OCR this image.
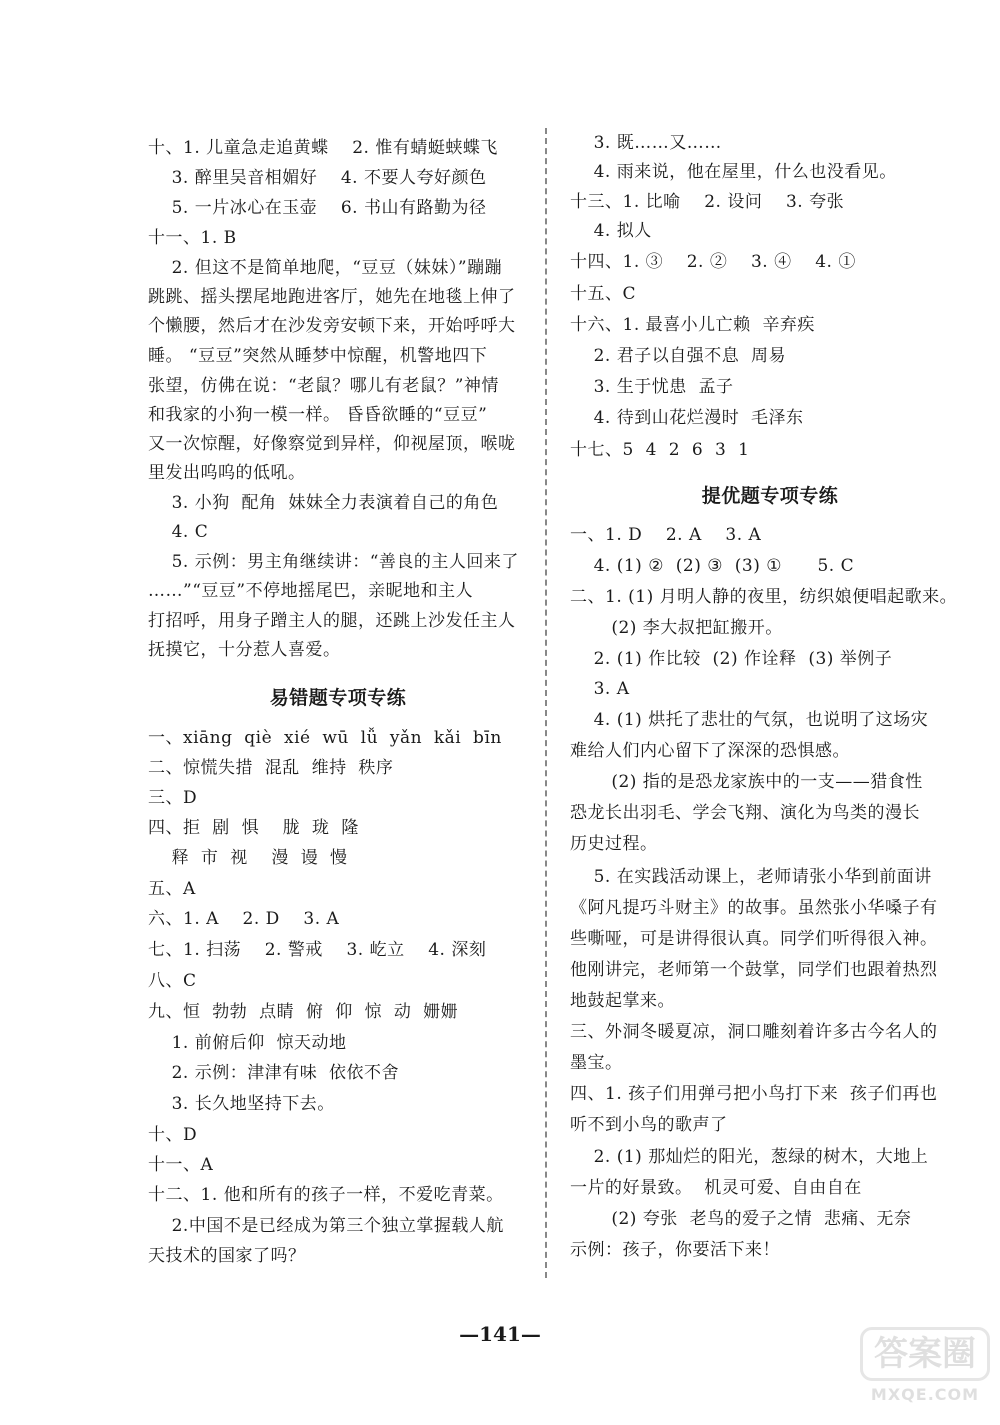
十、1. 儿童急走追黄蝶    2. 惟有蜻蜓蛱蝶飞
3. 醉里吴音相媚好    4. 不要人夸好颜色
5. 一片冰心在玉壶    6. 书山有路勤为径
十一、1. B
2. 但这不是简单地爬，“豆豆（妹妹）”蹦蹦
跳跳、摇头摆尾地跑进客厅，她先在地毯上伸了
个懒腰，然后才在沙发旁安顿下来，开始呼呼大
睡。 “豆豆”突然从睡梦中惊醒，机警地四下
张望，仿佛在说：“老鼠？哪儿有老鼠？”神情
和我家的小狗一模一样。 昏昏欲睡的“豆豆”
又一次惊醒，好像察觉到异样，仰视屋顶，喉咙
里发出呜呜的低吼。
3. 小狗  配角  妹妹全力表演着自己的角色
4. C
5. 示例：男主角继续讲：“善良的主人回来了
……”“豆豆”不停地摇尾巴，亲昵地和主人
打招呼，用身子蹭主人的腿，还跳上沙发任主人
抚摸它，十分惹人喜爱。
易错题专项专练
一、xiāng  qiè  xié  wū  lǚ  yǎn  kǎi  bīn
二、惊慌失措  混乱  维持  秩序
三、D
四、拒  剧  惧    胧  珑  隆
释  市  视    漫  谩  慢
五、A
六、1. A    2. D    3. A
七、1. 扫荡    2. 警戒    3. 屹立    4. 深刻
八、C
九、恒  勃勃  点睛  俯  仰  惊  动  姗姗
1. 前俯后仰  惊天动地
2. 示例：津津有味  依依不舍
3. 长久地坚持下去。
十、D
十一、A
十二、1. 他和所有的孩子一样，不爱吃青菜。
2.中国不是已经成为第三个独立掌握载人航
天技术的国家了吗？
3. 既……又……
4. 雨来说，他在屋里，什么也没看见。
十三、1. 比喻    2. 设问    3. 夸张
4. 拟人
十四、1. ③    2. ②    3. ④    4. ①
十五、C
十六、1. 最喜小儿亡赖  辛弃疾
2. 君子以自强不息  周易
3. 生于忧患  孟子
4. 待到山花烂漫时  毛泽东
十七、5  4  2  6  3  1
提优题专项专练
一、1. D    2. A    3. A
4. (1) ②  (2) ③  (3) ①      5. C
二、1. (1) 月明人静的夜里，纺织娘便唱起歌来。
(2) 李大叔把缸搬开。
2. (1) 作比较  (2) 作诠释  (3) 举例子
3. A
4. (1) 烘托了悲壮的气氛，也说明了这场灾
难给人们内心留下了深深的恐惧感。
(2) 指的是恐龙家族中的一支——猎食性
恐龙长出羽毛、学会飞翔、演化为鸟类的漫长
历史过程。
5. 在实践活动课上，老师请张小华到前面讲
《阿凡提巧斗财主》的故事。虽然张小华嗓子有
些嘶哑，可是讲得很认真。同学们听得很入神。
他刚讲完，老师第一个鼓掌，同学们也跟着热烈
地鼓起掌来。
三、外洞冬暖夏凉，洞口雕刻着许多古今名人的
墨宝。
四、1. 孩子们用弹弓把小鸟打下来  孩子们再也
听不到小鸟的歌声了
2. (1) 那灿烂的阳光，葱绿的树木，大地上
一片的好景致。  机灵可爱、自由自在
(2) 夸张  老鸟的爱子之情  悲痛、无奈
示例：孩子，你要活下来！
—141—	答案圈
MXQE.COM
